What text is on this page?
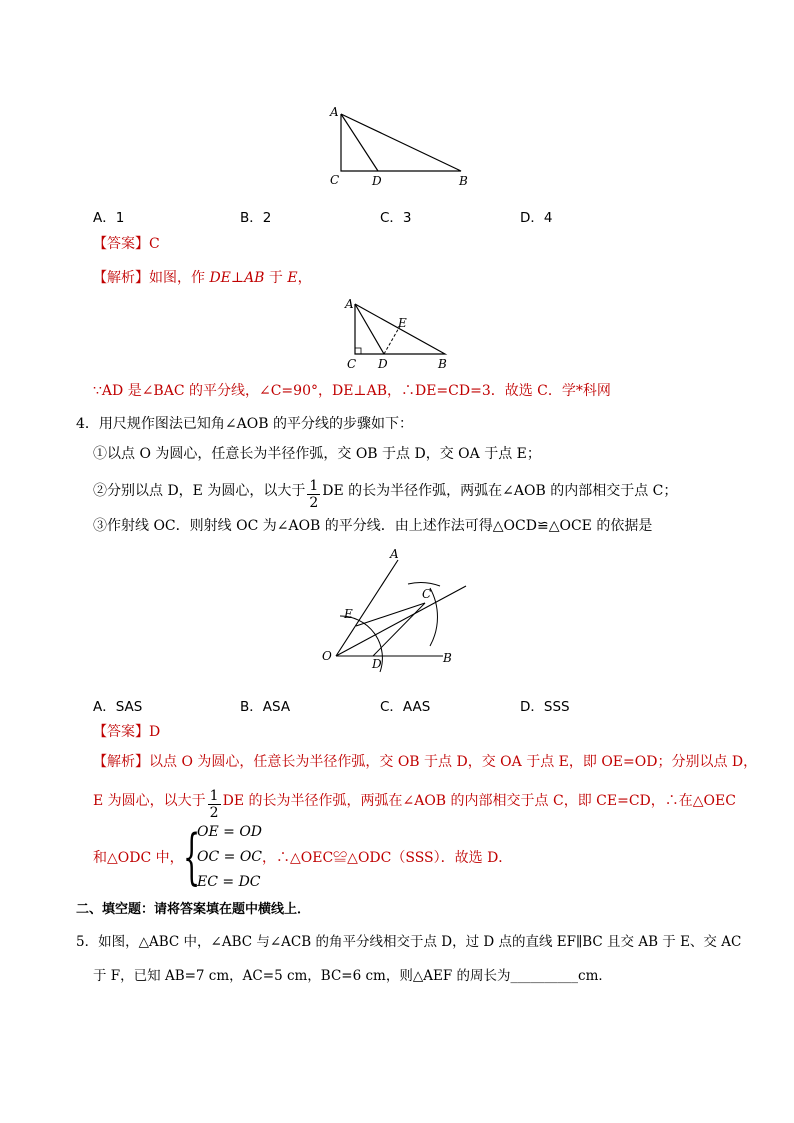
A
C	D	B
A．1	B．2	C．3	D．4
【答案】C
【解析】如图，作 DE⊥AB 于 E，
A
E
C D	B
∵AD 是∠BAC 的平分线，∠C=90°，DE⊥AB，∴DE=CD=3．故选 C．学*科网
4．用尺规作图法已知角∠AOB 的平分线的步骤如下：
①以点 O 为圆心，任意长为半径作弧，交 OB 于点 D，交 OA 于点 E；
②分别以点 D，E 为圆心，以大于 $\frac{1}{2}$ DE 的长为半径作弧，两弧在∠AOB 的内部相交于点 C；
③作射线 OC．则射线 OC 为∠AOB 的平分线．由上述作法可得△OCD≌△OCE 的依据是
A
C
E
O
D	B
A．SAS	B．ASA	C．AAS	D．SSS
【答案】D
【解析】以点 O 为圆心，任意长为半径作弧，交 OB 于点 D，交 OA 于点 E，即 OE=OD；分别以点 D，
E 为圆心，以大于 $\frac{1}{2}$ DE 的长为半径作弧，两弧在∠AOB 的内部相交于点 C，即 CE=CD，∴在△OEC
和△ODC 中， {
OE = OD
OC = OC
EC = DC
，∴△OEC≌△ODC（SSS）．故选 D．
二、填空题：请将答案填在题中横线上．
5．如图，△ABC 中，∠ABC 与∠ACB 的角平分线相交于点 D，过 D 点的直线 EF∥BC 且交 AB 于 E、交 AC
于 F，已知 AB=7 cm，AC=5 cm，BC=6 cm，则△AEF 的周长为__________cm．
